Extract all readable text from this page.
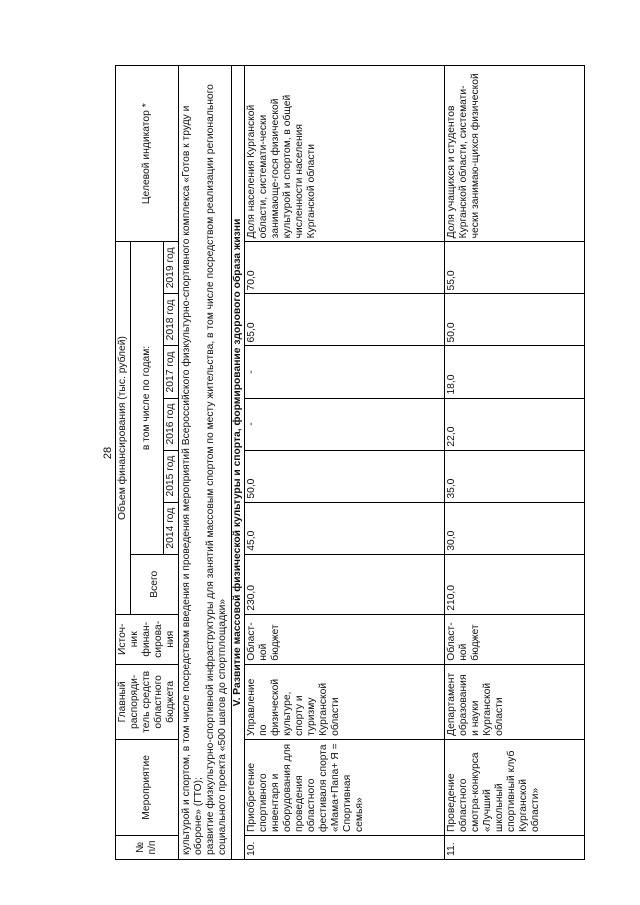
28
№ п/п	Мероприятие	Главный распоряди-тель средств областного бюджета	Источ-ник финан-сирова-ния	Объем финансирования (тыс. рублей)							Целевой индикатор *
				Всего	в том числе по годам:						
					2014 год	2015 год	2016 год	2017 год	2018 год	2019 год	

культурой и спортом, в том числе посредством введения и проведения мероприятий Всероссийского физкультурно-спортивного комплекса «Готов к труду и обороне» (ГТО); развитие физкультурно-спортивной инфраструктуры для занятий массовым спортом по месту жительства, в том числе посредством реализации регионального социального проекта «500 шагов до спортплощадки»											

V. Развитие массовой физической культуры и спорта, формирование здорового образа жизни											
10.	Приобретение спортивного инвентаря и оборудования для проведения областного фестиваля спорта «Мама+Папа+ Я = Спортивная семья»	Управление по физической культуре, спорту и туризму Курганской области	Област-ной бюджет	230,0	45,0	50,0	-	-	65,0	70,0	Доля населения Курганской области, системати-чески занимающе-гося физической культурой и спортом, в общей численности населения Курганской области
11.	Проведение областного смотра-конкурса «Лучший школьный спортивный клуб Курганской области»	Департамент образования и науки Курганской области	Област-ной бюджет	210,0	30,0	35,0	22,0	18,0	50,0	55,0	Доля учащихся и студентов Курганской области, системати-чески занимаю-щихся физической
